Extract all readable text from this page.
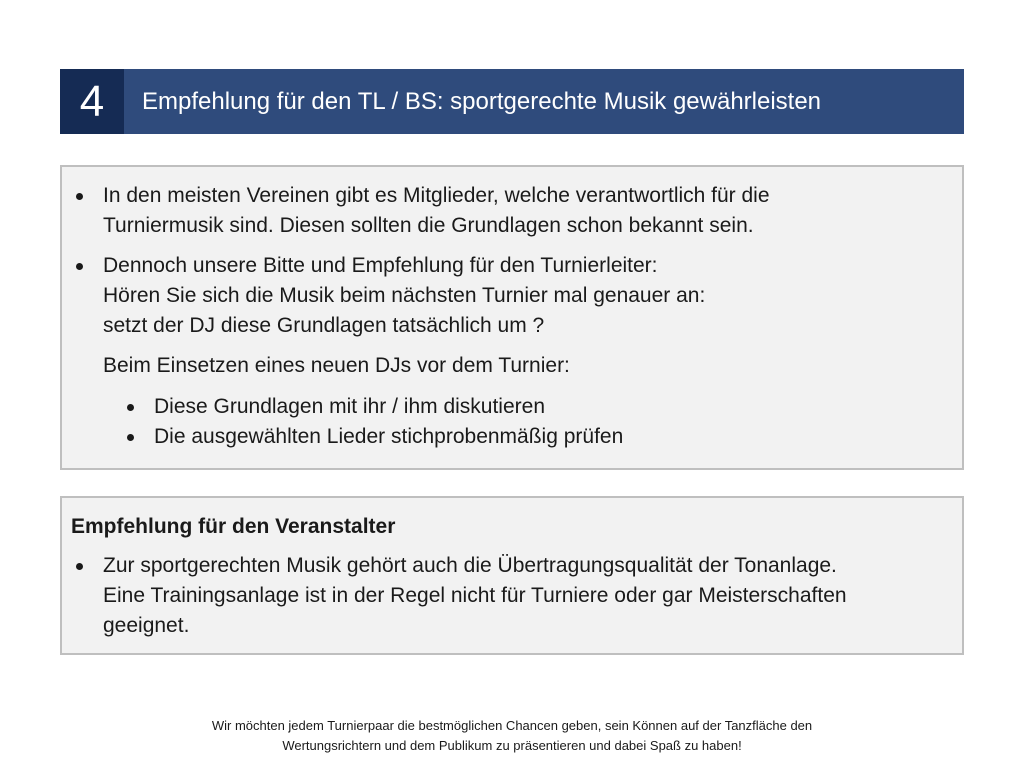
4	Empfehlung für den TL / BS: sportgerechte Musik gewährleisten
In den meisten Vereinen gibt es Mitglieder, welche verantwortlich für die
Turniermusik sind. Diesen sollten die Grundlagen schon bekannt sein.
Dennoch unsere Bitte und Empfehlung für den Turnierleiter:
Hören Sie sich die Musik beim nächsten Turnier mal genauer an:
setzt der DJ diese Grundlagen tatsächlich um ?
Beim Einsetzen eines neuen DJs vor dem Turnier:
Diese Grundlagen mit ihr / ihm diskutieren
Die ausgewählten Lieder stichprobenmäßig prüfen
Empfehlung für den Veranstalter
Zur sportgerechten Musik gehört auch die Übertragungsqualität der Tonanlage.
Eine Trainingsanlage ist in der Regel nicht für Turniere oder gar Meisterschaften
geeignet.
Wir möchten jedem Turnierpaar die bestmöglichen Chancen geben, sein Können auf der Tanzfläche den
Wertungsrichtern und dem Publikum zu präsentieren und dabei Spaß zu haben!
